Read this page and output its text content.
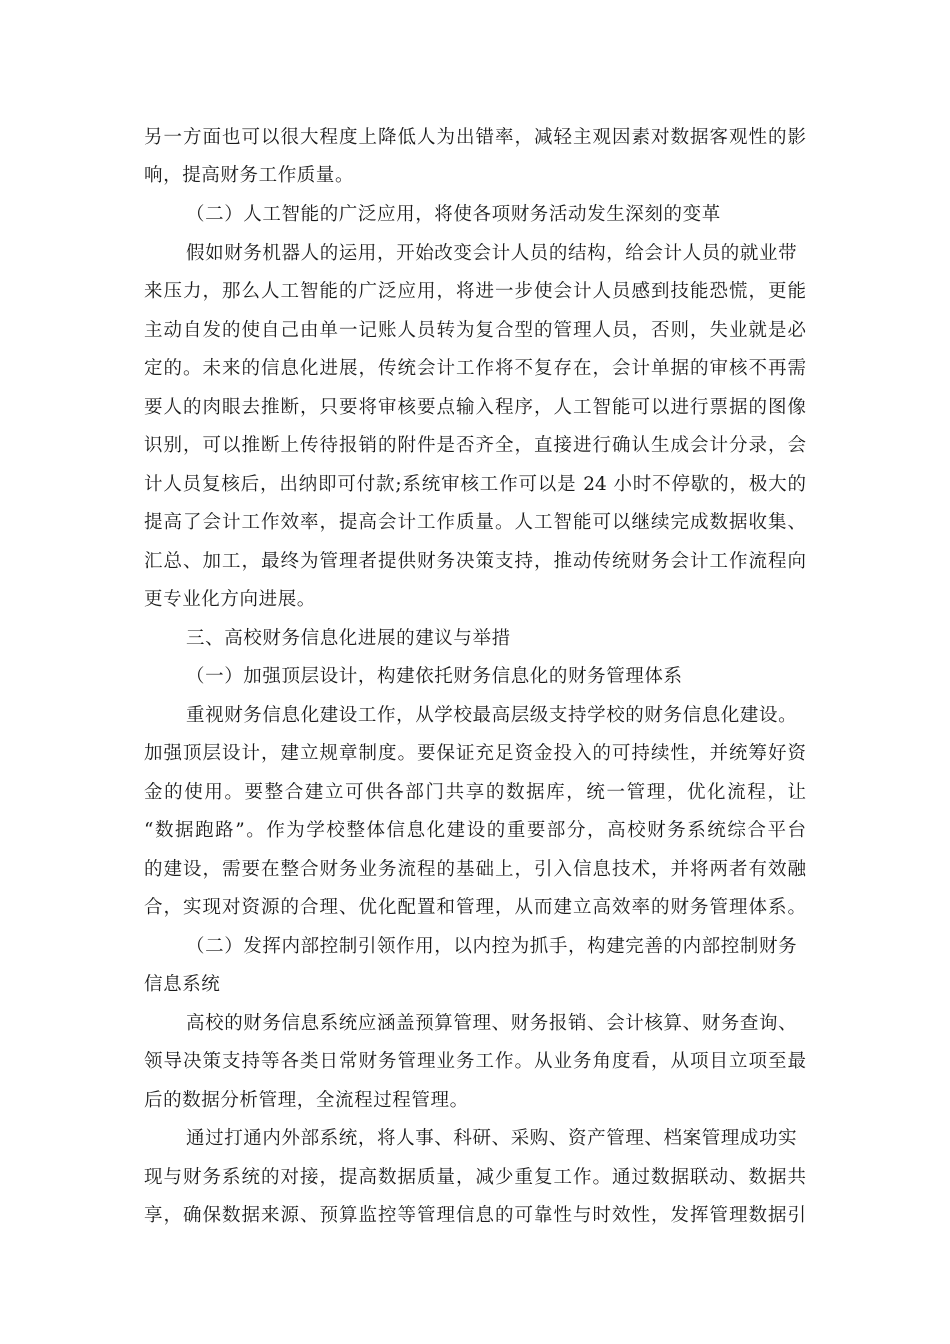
另一方面也可以很大程度上降低人为出错率，减轻主观因素对数据客观性的影
响，提高财务工作质量。
（二）人工智能的广泛应用，将使各项财务活动发生深刻的变革
假如财务机器人的运用，开始改变会计人员的结构，给会计人员的就业带
来压力，那么人工智能的广泛应用，将进一步使会计人员感到技能恐慌，更能
主动自发的使自己由单一记账人员转为复合型的管理人员，否则，失业就是必
定的。未来的信息化进展，传统会计工作将不复存在，会计单据的审核不再需
要人的肉眼去推断，只要将审核要点输入程序，人工智能可以进行票据的图像
识别，可以推断上传待报销的附件是否齐全，直接进行确认生成会计分录，会
计人员复核后，出纳即可付款;系统审核工作可以是 24 小时不停歇的，极大的
提高了会计工作效率，提高会计工作质量。人工智能可以继续完成数据收集、
汇总、加工，最终为管理者提供财务决策支持，推动传统财务会计工作流程向
更专业化方向进展。
三、高校财务信息化进展的建议与举措
（一）加强顶层设计，构建依托财务信息化的财务管理体系
重视财务信息化建设工作，从学校最高层级支持学校的财务信息化建设。
加强顶层设计，建立规章制度。要保证充足资金投入的可持续性，并统筹好资
金的使用。要整合建立可供各部门共享的数据库，统一管理，优化流程，让
“数据跑路”。作为学校整体信息化建设的重要部分，高校财务系统综合平台
的建设，需要在整合财务业务流程的基础上，引入信息技术，并将两者有效融
合，实现对资源的合理、优化配置和管理，从而建立高效率的财务管理体系。
（二）发挥内部控制引领作用，以内控为抓手，构建完善的内部控制财务
信息系统
高校的财务信息系统应涵盖预算管理、财务报销、会计核算、财务查询、
领导决策支持等各类日常财务管理业务工作。从业务角度看，从项目立项至最
后的数据分析管理，全流程过程管理。
通过打通内外部系统，将人事、科研、采购、资产管理、档案管理成功实
现与财务系统的对接，提高数据质量，减少重复工作。通过数据联动、数据共
享，确保数据来源、预算监控等管理信息的可靠性与时效性，发挥管理数据引
